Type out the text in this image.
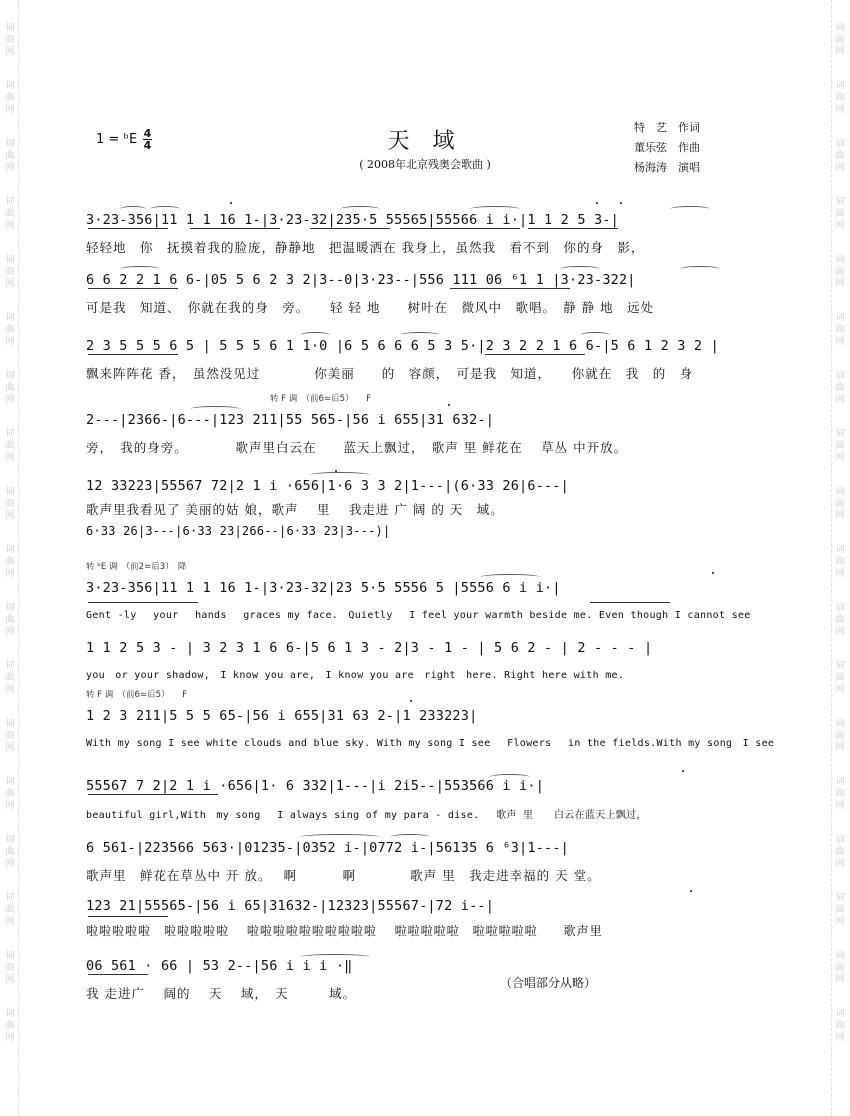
词
曲
网
词
曲
网
词
曲
网
词
曲
网
词
曲
网
词
曲
网
词
曲
网
词
曲
网
词
曲
网
词
曲
网
词
曲
网
词
曲
网
词
曲
网
词
曲
网
词
曲
网
词
曲
网
词
曲
网
词
曲
网
词
曲
网
词
曲
网
词
曲
网
词
曲
网
词
曲
网
词
曲
网
词
曲
网
词
曲
网
词
曲
网
词
曲
网
词
曲
网
词
曲
网
词
曲
网
词
曲
网
词
曲
网
词
曲
网
词
曲
网
词
曲
网
1 = ᵇE 4
4	天 域
( 2008年北京残奥会歌曲 )
特　艺　作词
董乐弦　作曲
杨海涛　演唱
3·23-356|11 1 1 16 1-|3·23-32|235·5 55565|55566 i i·|1 1 2 5 3-|
轻轻地　你　抚摸着我的脸庞，静静地　把温暖洒在 我身上，虽然我　看不到　你的身　影，
6 6 2 2 1 6 6-|05 5 6 2 3 2|3--0|3·23--|556 111 06 ⁶1 1 |3·23-322|
可是我　知道、　你就在我的身　旁。　　轻 轻 地　　树叶在　微风中　歌唱。　静 静 地　远处
2 3 5 5 5 6 5 | 5 5 5 6 1 1·0 |6 5 6 6 6 5 3 5·|2 3 2 2 1 6 6-|5 6 1 2 3 2 |
飘来阵阵花 香，　虽然没见过　　　　你美丽　　的　容颜，　可是我　知道，　　你就在　我　的　身
转 F 调　（前6=后5）　　F
2---|2366-|6---|123 211|55 565-|56 i 655|31 632-|
旁，　我的身旁。　　　　歌声里白云在　　蓝天上飘过，　歌声 里 鲜花在　 草丛 中开放。
12 33223|55567 72|2 1 i ·656|1·6 3 3 2|1---|(6·33 26|6---|
歌声里我看见了 美丽的姑 娘，歌声　 里　 我走进 广 阔 的 天　域。
6·33 26|3---|6·33 23|266--|6·33 23|3---)|
转 ᵇE 调　（前2=后3）　降
3·23-356|11 1 1 16 1-|3·23-32|23 5·5 5556 5 |5556 6 i i·|
Gent -ly　 your　 hands　 graces my face.　Quietly　 I feel your warmth beside me. Even though I cannot see
1 1 2 5 3 - | 3 2 3 1 6 6-|5 6 1 3 - 2|3 - 1 - | 5 6 2 - | 2 - - - |
you　or your shadow,　I know you are,　I know you are　right　here. Right here with me.
转 F 调　（前6=后5）　　F
1 2 3 211|5 5 5 65-|56 i 655|31 63 2-|1 233223|
With my song I see white clouds and blue sky. With my song I see　 Flowers　 in the fields.With my song　I see
55567 7 2|2 1 i ·656|1· 6 332|1---|i 2i5--|553566 i i·|
beautiful girl,With　my song　 I always sing of my para - dise.　 歌声 里　　白云在蓝天上飘过，
6 561-|223566 563·|01235-|0352 i-|0772 i-|56135 6 ⁶3|1---|
歌声里　鲜花在草丛中 开 放。　 啊　　　 啊　　　　歌声 里　我走进幸福的 天 堂。
123 21|55565-|56 i 65|31632-|12323|55567-|72 i--|
啦啦啦啦啦　啦啦啦啦啦　 啦啦啦啦啦啦啦啦啦啦　 啦啦啦啦啦　啦啦啦啦啦　　歌声里
06 561 · 66 | 53 2--|56 i i i ·‖
我 走进广　 阔的　 天　 域，　天　　　域。
（合唱部分从略）
